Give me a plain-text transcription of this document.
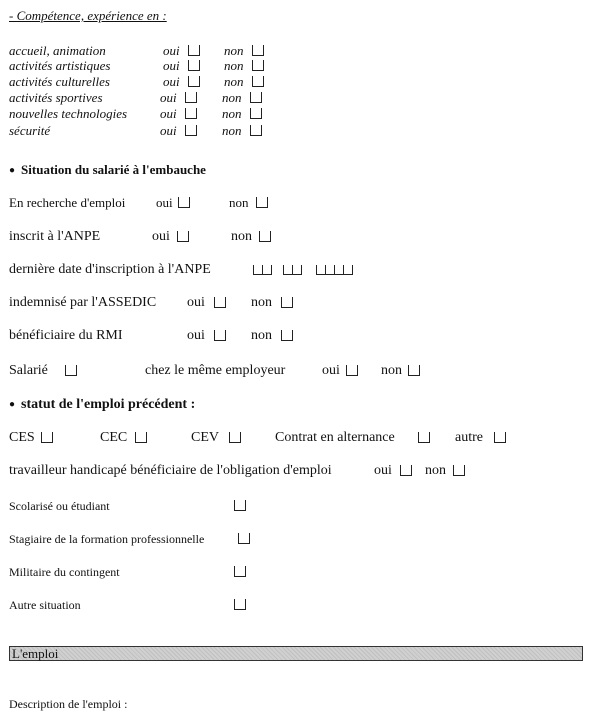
- Compétence, expérience en :
accueil, animation	oui	non
activités artistiques	oui	non
activités culturelles	oui	non
activités sportives	oui	non
nouvelles technologies	oui	non
sécurité	oui	non
● Situation du salarié à l'embauche
En recherche d'emploi oui	non
inscrit à l'ANPE	oui	non
dernière date d'inscription à l'ANPE
indemnisé par l'ASSEDIC oui	non
bénéficiaire du RMI	oui	non
Salarié	chez le même employeur	oui	non
● statut de l'emploi précédent :
CES	CEC	CEV	Contrat en alternance	autre
travailleur handicapé bénéficiaire de l'obligation d'emploi	oui non
Scolarisé ou étudiant
Stagiaire de la formation professionnelle
Militaire du contingent
Autre situation
L'emploi
Description de l'emploi :
